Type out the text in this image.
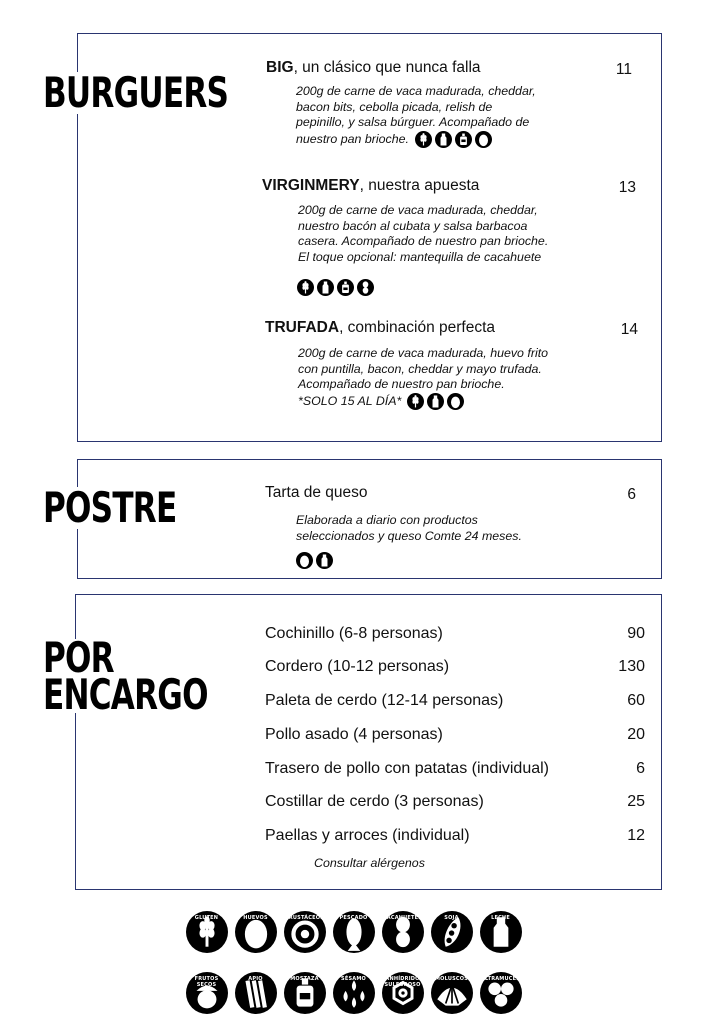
BURGUERS
BIG, un clásico que nunca falla	11
200g de carne de vaca madurada, cheddar,
bacon bits, cebolla picada, relish de
pepinillo, y salsa búrguer. Acompañado de
nuestro pan brioche.
VIRGINMERY, nuestra apuesta	13
200g de carne de vaca madurada, cheddar,
nuestro bacón al cubata y salsa barbacoa
casera. Acompañado de nuestro pan brioche.
El toque opcional: mantequilla de cacahuete
TRUFADA, combinación perfecta	14
200g de carne de vaca madurada, huevo frito
con puntilla, bacon, cheddar y mayo trufada.
Acompañado de nuestro pan brioche.
*SOLO 15 AL DÍA*
POSTRE	Tarta de queso	6
Elaborada a diario con productos
seleccionados y queso Comte 24 meses.
POR
ENCARGO
Cochinillo (6-8 personas)	90
Cordero (10-12 personas)	130
Paleta de cerdo (12-14 personas)	60
Pollo asado (4 personas)	20
Trasero de pollo con patatas (individual)	6
Costillar de cerdo (3 personas)	25
Paellas y arroces (individual)	12
Consultar alérgenos
GLUTEN	HUEVOS	CRUSTÁCEOS	PESCADO	CACAHUETES	SOJA	LECHE
FRUTOS SECOS
APIO	MOSTAZA	SÉSAMO	ANHÍDRIDO SULFUROSO
MOLUSCOS	ALTRAMUCES
